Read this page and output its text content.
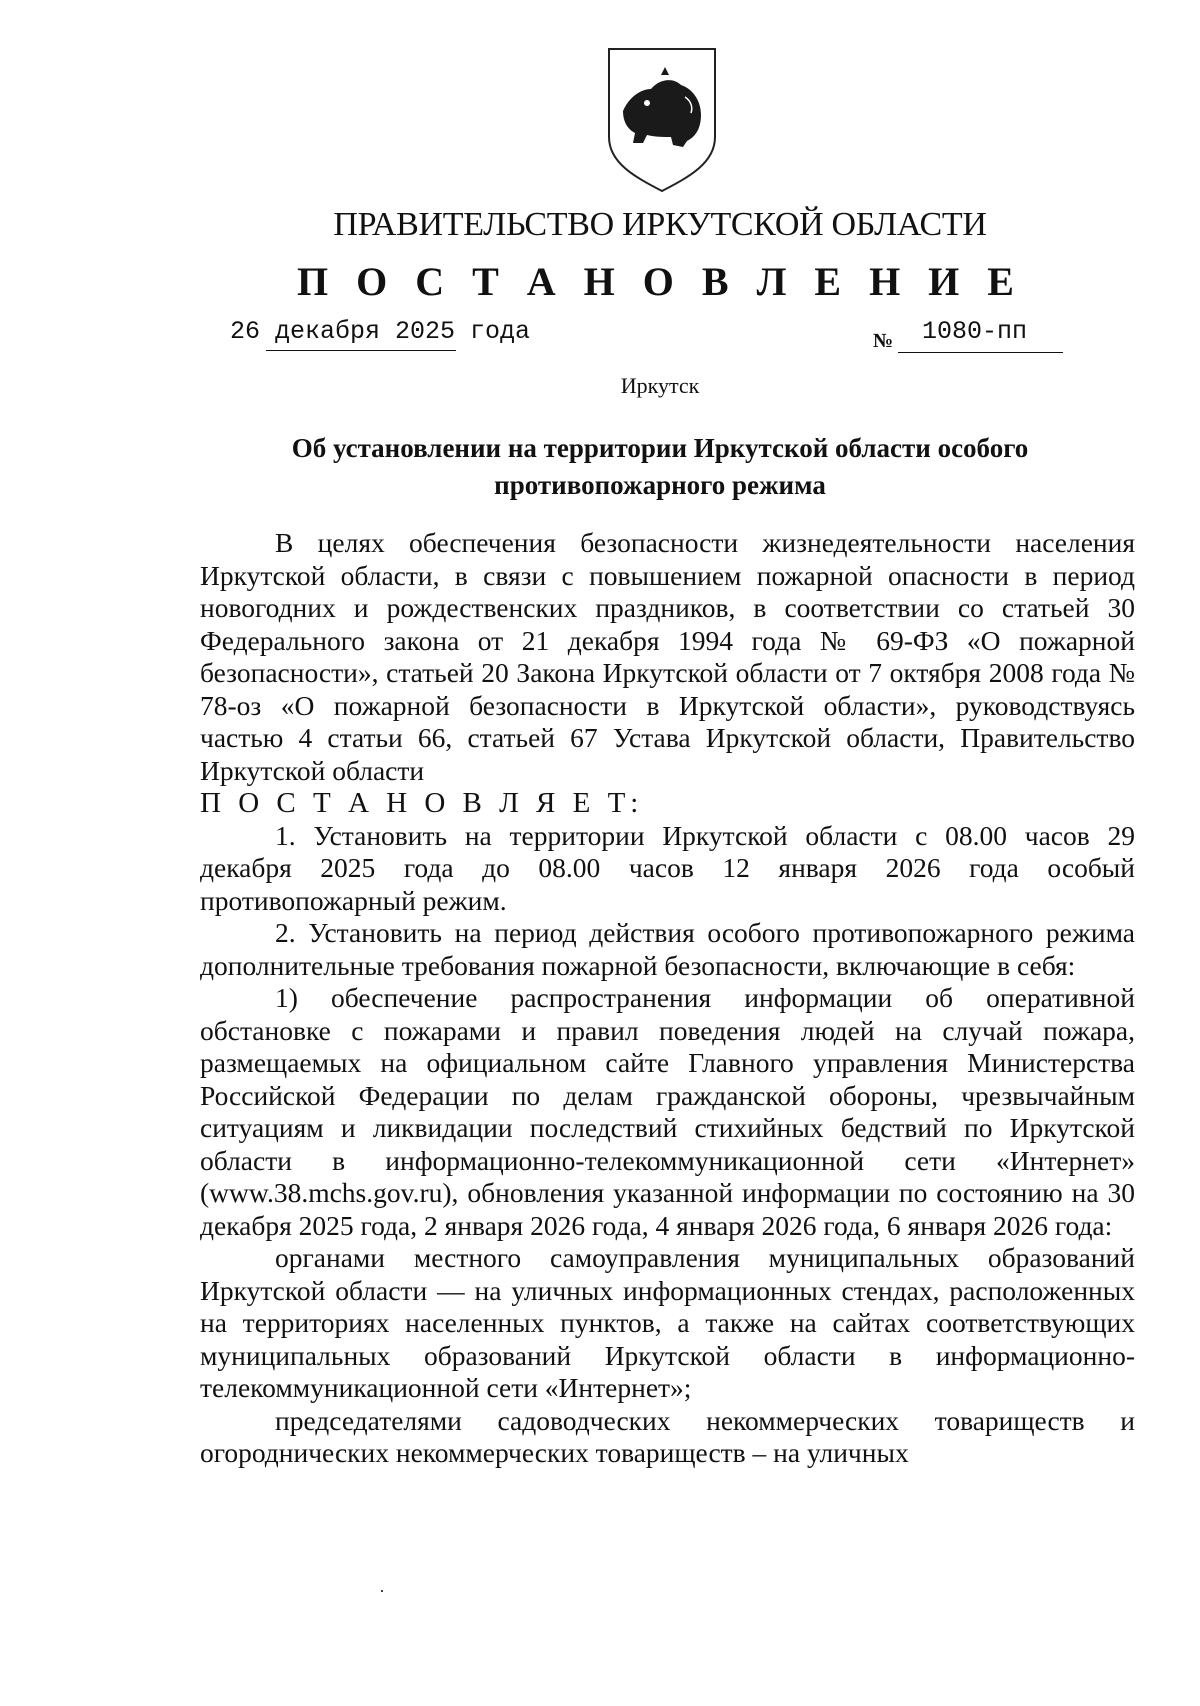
ПРАВИТЕЛЬСТВО ИРКУТСКОЙ ОБЛАСТИ
П О С Т А Н О В Л Е Н И Е
26 декабря 2025 года	№ 1080-пп
Иркутск
Об установлении на территории Иркутской области особого противопожарного режима

В целях обеспечения безопасности жизнедеятельности населения Иркутской области, в связи с повышением пожарной опасности в период новогодних и рождественских праздников, в соответствии со статьей 30 Федерального закона от 21 декабря 1994 года № 69-ФЗ «О пожарной безопасности», статьей 20 Закона Иркутской области от 7 октября 2008 года № 78-оз «О пожарной безопасности в Иркутской области», руководствуясь частью 4 статьи 66, статьей 67 Устава Иркутской области, Правительство Иркутской области

П О С Т А Н О В Л Я Е Т:

1. Установить на территории Иркутской области с 08.00 часов 29 декабря 2025 года до 08.00 часов 12 января 2026 года особый противопожарный режим.

2. Установить на период действия особого противопожарного режима дополнительные требования пожарной безопасности, включающие в себя:

1) обеспечение распространения информации об оперативной обстановке с пожарами и правил поведения людей на случай пожара, размещаемых на официальном сайте Главного управления Министерства Российской Федерации по делам гражданской обороны, чрезвычайным ситуациям и ликвидации последствий стихийных бедствий по Иркутской области в информационно-телекоммуникационной сети «Интернет» (www.38.mchs.gov.ru), обновления указанной информации по состоянию на 30 декабря 2025 года, 2 января 2026 года, 4 января 2026 года, 6 января 2026 года:

органами местного самоуправления муниципальных образований Иркутской области — на уличных информационных стендах, расположенных на территориях населенных пунктов, а также на сайтах соответствующих муниципальных образований Иркутской области в информационно-телекоммуникационной сети «Интернет»;

председателями садоводческих некоммерческих товариществ и огороднических некоммерческих товариществ – на уличных
